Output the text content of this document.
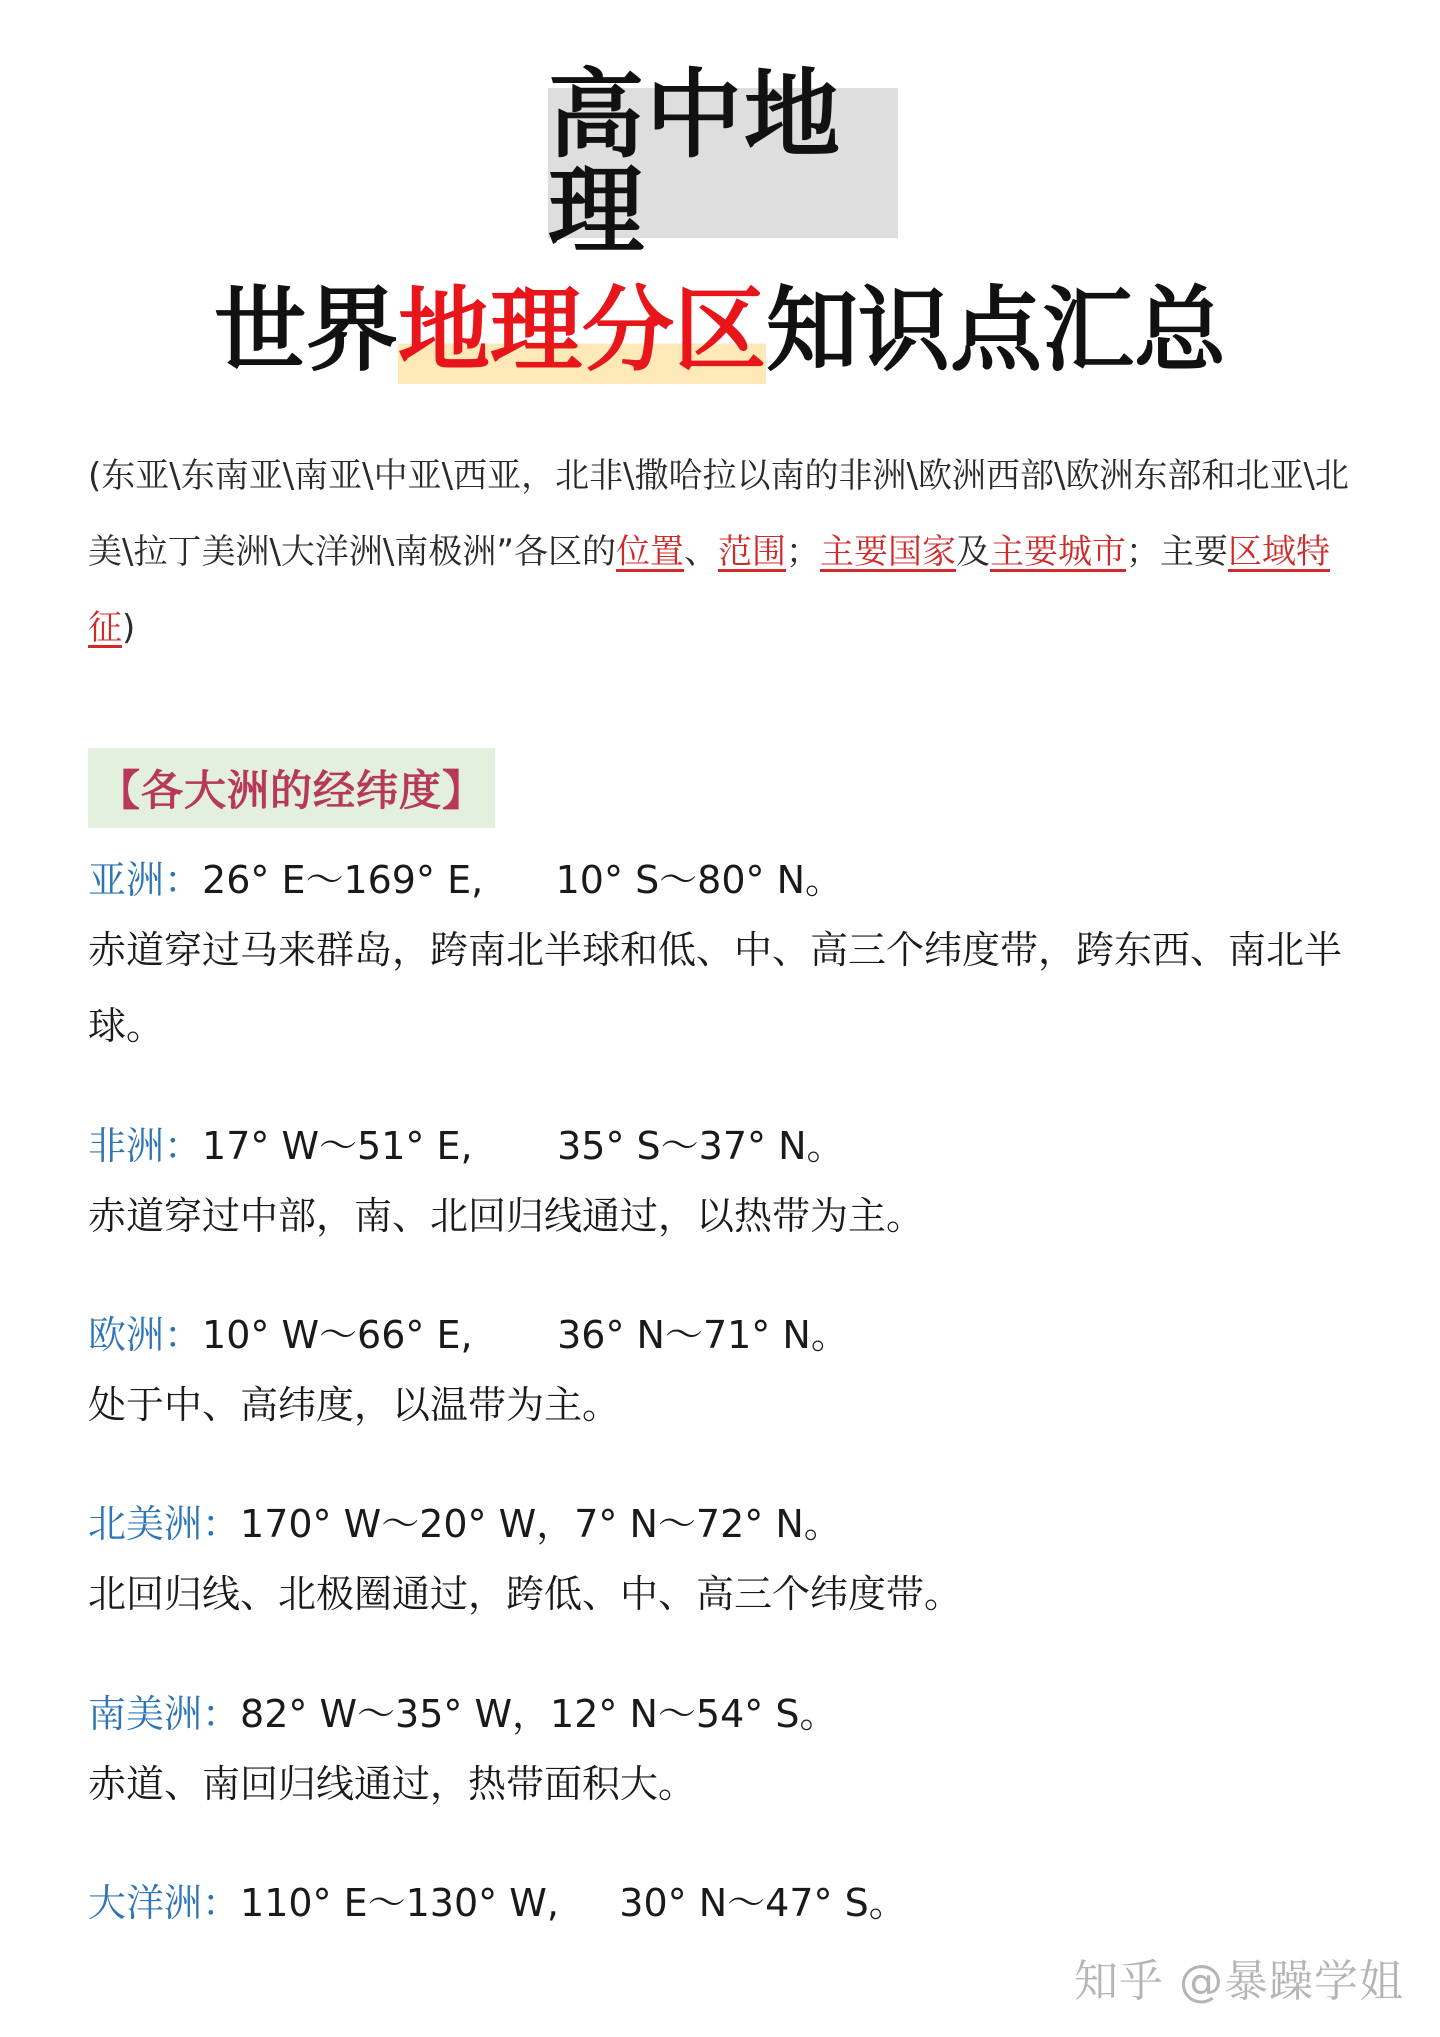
高中地理
世界地理分区知识点汇总
(东亚\东南亚\南亚\中亚\西亚，北非\撒哈拉以南的非洲\欧洲西部\欧洲东部和北亚\北美\拉丁美洲\大洋洲\南极洲”各区的位置、范围；主要国家及主要城市；主要区域特征)
【各大洲的经纬度】
亚洲：26° E～169° E,      10° S～80° N。
赤道穿过马来群岛，跨南北半球和低、中、高三个纬度带，跨东西、南北半球。
非洲：17° W～51° E,       35° S～37° N。
赤道穿过中部，南、北回归线通过，以热带为主。
欧洲：10° W～66° E,       36° N～71° N。
处于中、高纬度，以温带为主。
北美洲：170° W～20° W，7° N～72° N。
北回归线、北极圈通过，跨低、中、高三个纬度带。
南美洲：82° W～35° W，12° N～54° S。
赤道、南回归线通过，热带面积大。
大洋洲：110° E～130° W,     30° N～47° S。
知乎 @暴躁学姐
